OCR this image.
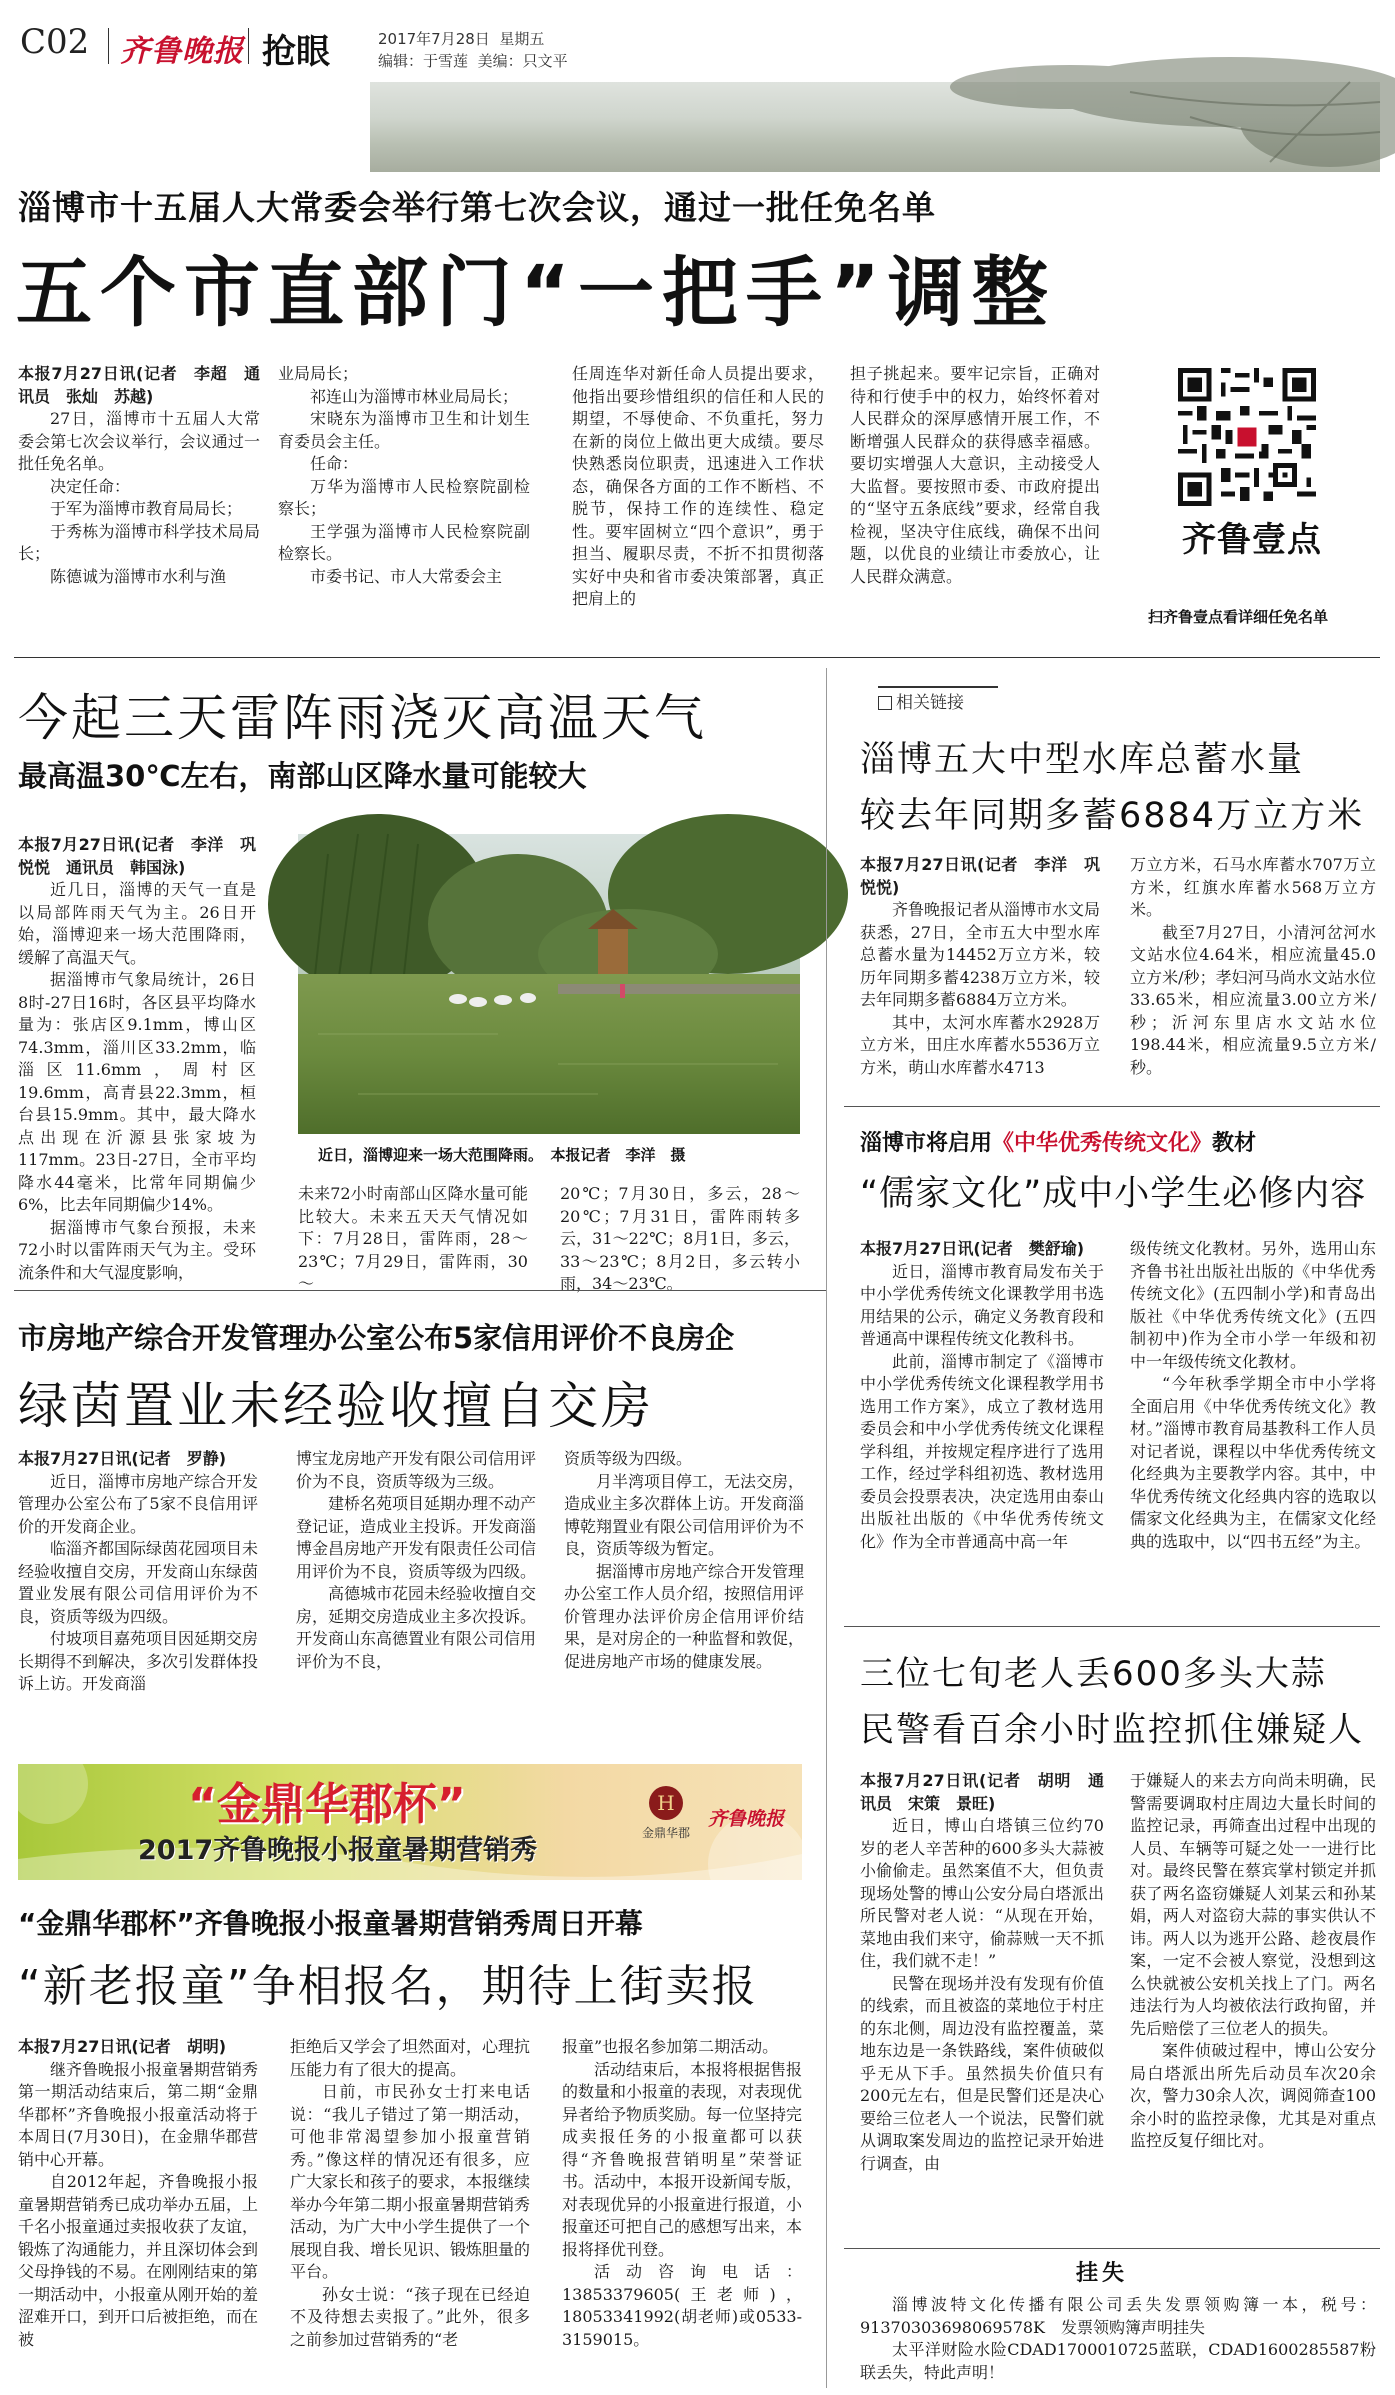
C02 齐鲁晚报 抢眼	2017年7月28日 星期五
编辑：于雪莲 美编：只文平
淄博市十五届人大常委会举行第七次会议，通过一批任免名单
五个市直部门“一把手”调整

本报7月27日讯(记者　李超　通讯员　张灿　苏越)

27日，淄博市十五届人大常委会第七次会议举行，会议通过一批任免名单。

决定任命：

于军为淄博市教育局局长；

于秀栋为淄博市科学技术局局长；

陈德诚为淄博市水利与渔

业局局长；

祁连山为淄博市林业局局长；

宋晓东为淄博市卫生和计划生育委员会主任。

任命：

万华为淄博市人民检察院副检察长；

王学强为淄博市人民检察院副检察长。

市委书记、市人大常委会主

任周连华对新任命人员提出要求，他指出要珍惜组织的信任和人民的期望，不辱使命、不负重托，努力在新的岗位上做出更大成绩。要尽快熟悉岗位职责，迅速进入工作状态，确保各方面的工作不断档、不脱节，保持工作的连续性、稳定性。要牢固树立“四个意识”，勇于担当、履职尽责，不折不扣贯彻落实好中央和省市委决策部署，真正把肩上的

担子挑起来。要牢记宗旨，正确对待和行使手中的权力，始终怀着对人民群众的深厚感情开展工作，不断增强人民群众的获得感幸福感。要切实增强人大意识，主动接受人大监督。要按照市委、市政府提出的“坚守五条底线”要求，经常自我检视，坚决守住底线，确保不出问题，以优良的业绩让市委放心，让人民群众满意。

齐鲁壹点
扫齐鲁壹点看详细任免名单
今起三天雷阵雨浇灭高温天气
最高温30℃左右，南部山区降水量可能较大

本报7月27日讯(记者　李洋　巩悦悦　通讯员　韩国泳)

近几日，淄博的天气一直是以局部阵雨天气为主。26日开始，淄博迎来一场大范围降雨，缓解了高温天气。

据淄博市气象局统计，26日8时-27日16时，各区县平均降水量为：张店区9.1mm，博山区74.3mm，淄川区33.2mm，临淄区11.6mm，周村区19.6mm，高青县22.3mm，桓台县15.9mm。其中，最大降水点出现在沂源县张家坡为117mm。23日-27日，全市平均降水44毫米，比常年同期偏少6%，比去年同期偏少14%。

据淄博市气象台预报，未来72小时以雷阵雨天气为主。受环流条件和大气湿度影响，

近日，淄博迎来一场大范围降雨。　本报记者　李洋　摄

未来72小时南部山区降水量可能比较大。未来五天天气情况如下：7月28日，雷阵雨，28～23℃；7月29日，雷阵雨，30～

20℃；7月30日，多云，28～20℃；7月31日，雷阵雨转多云，31～22℃；8月1日，多云，33～23℃；8月2日，多云转小雨，34～23℃。

市房地产综合开发管理办公室公布5家信用评价不良房企
绿茵置业未经验收擅自交房

本报7月27日讯(记者　罗静)

近日，淄博市房地产综合开发管理办公室公布了5家不良信用评价的开发商企业。

临淄齐都国际绿茵花园项目未经验收擅自交房，开发商山东绿茵置业发展有限公司信用评价为不良，资质等级为四级。

付坡项目嘉苑项目因延期交房长期得不到解决，多次引发群体投诉上访。开发商淄

博宝龙房地产开发有限公司信用评价为不良，资质等级为三级。

建桥名苑项目延期办理不动产登记证，造成业主投诉。开发商淄博金昌房地产开发有限责任公司信用评价为不良，资质等级为四级。

高德城市花园未经验收擅自交房，延期交房造成业主多次投诉。开发商山东高德置业有限公司信用评价为不良，

资质等级为四级。

月半湾项目停工，无法交房，造成业主多次群体上访。开发商淄博乾翔置业有限公司信用评价为不良，资质等级为暂定。

据淄博市房地产综合开发管理办公室工作人员介绍，按照信用评价管理办法评价房企信用评价结果，是对房企的一种监督和敦促，促进房地产市场的健康发展。

“金鼎华郡杯”
2017齐鲁晚报小报童暑期营销秀
H
金鼎华郡
齐鲁晚报
“金鼎华郡杯”齐鲁晚报小报童暑期营销秀周日开幕
“新老报童”争相报名，期待上街卖报

本报7月27日讯(记者　胡明)

继齐鲁晚报小报童暑期营销秀第一期活动结束后，第二期“金鼎华郡杯”齐鲁晚报小报童活动将于本周日(7月30日)，在金鼎华郡营销中心开幕。

自2012年起，齐鲁晚报小报童暑期营销秀已成功举办五届，上千名小报童通过卖报收获了友谊，锻炼了沟通能力，并且深切体会到父母挣钱的不易。在刚刚结束的第一期活动中，小报童从刚开始的羞涩难开口，到开口后被拒绝，而在被

拒绝后又学会了坦然面对，心理抗压能力有了很大的提高。

日前，市民孙女士打来电话说：“我儿子错过了第一期活动，可他非常渴望参加小报童营销秀。”像这样的情况还有很多，应广大家长和孩子的要求，本报继续举办今年第二期小报童暑期营销秀活动，为广大中小学生提供了一个展现自我、增长见识、锻炼胆量的平台。

孙女士说：“孩子现在已经迫不及待想去卖报了。”此外，很多之前参加过营销秀的“老

报童”也报名参加第二期活动。

活动结束后，本报将根据售报的数量和小报童的表现，对表现优异者给予物质奖励。每一位坚持完成卖报任务的小报童都可以获得“齐鲁晚报营销明星”荣誉证书。活动中，本报开设新闻专版，对表现优异的小报童进行报道，小报童还可把自己的感想写出来，本报将择优刊登。

活动咨询电话：13853379605(王老师)，18053341992(胡老师)或0533-3159015。

相关链接
淄博五大中型水库总蓄水量
较去年同期多蓄6884万立方米

本报7月27日讯(记者　李洋　巩悦悦)

齐鲁晚报记者从淄博市水文局获悉，27日，全市五大中型水库总蓄水量为14452万立方米，较历年同期多蓄4238万立方米，较去年同期多蓄6884万立方米。

其中，太河水库蓄水2928万立方米，田庄水库蓄水5536万立方米，萌山水库蓄水4713

万立方米，石马水库蓄水707万立方米，红旗水库蓄水568万立方米。

截至7月27日，小清河岔河水文站水位4.64米，相应流量45.0立方米/秒；孝妇河马尚水文站水位33.65米，相应流量3.00立方米/秒；沂河东里店水文站水位198.44米，相应流量9.5立方米/秒。

淄博市将启用《中华优秀传统文化》教材
“儒家文化”成中小学生必修内容

本报7月27日讯(记者　樊舒瑜)

近日，淄博市教育局发布关于中小学优秀传统文化课教学用书选用结果的公示，确定义务教育段和普通高中课程传统文化教科书。

此前，淄博市制定了《淄博市中小学优秀传统文化课程教学用书选用工作方案》，成立了教材选用委员会和中小学优秀传统文化课程学科组，并按规定程序进行了选用工作，经过学科组初选、教材选用委员会投票表决，决定选用由泰山出版社出版的《中华优秀传统文化》作为全市普通高中高一年

级传统文化教材。另外，选用山东齐鲁书社出版社出版的《中华优秀传统文化》(五四制小学)和青岛出版社《中华优秀传统文化》(五四制初中)作为全市小学一年级和初中一年级传统文化教材。

“今年秋季学期全市中小学将全面启用《中华优秀传统文化》教材。”淄博市教育局基教科工作人员对记者说，课程以中华优秀传统文化经典为主要教学内容。其中，中华优秀传统文化经典内容的选取以儒家文化经典为主，在儒家文化经典的选取中，以“四书五经”为主。

三位七旬老人丢600多头大蒜
民警看百余小时监控抓住嫌疑人

本报7月27日讯(记者　胡明　通讯员　宋策　景旺)

近日，博山白塔镇三位约70岁的老人辛苦种的600多头大蒜被小偷偷走。虽然案值不大，但负责现场处警的博山公安分局白塔派出所民警对老人说：“从现在开始，菜地由我们来守，偷蒜贼一天不抓住，我们就不走！”

民警在现场并没有发现有价值的线索，而且被盗的菜地位于村庄的东北侧，周边没有监控覆盖，菜地东边是一条铁路线，案件侦破似乎无从下手。虽然损失价值只有200元左右，但是民警们还是决心要给三位老人一个说法，民警们就从调取案发周边的监控记录开始进行调查，由

于嫌疑人的来去方向尚未明确，民警需要调取村庄周边大量长时间的监控记录，再筛查出过程中出现的人员、车辆等可疑之处一一进行比对。最终民警在蔡宾掌村锁定并抓获了两名盗窃嫌疑人刘某云和孙某娟，两人对盗窃大蒜的事实供认不讳。两人以为逃开公路、趁夜晨作案，一定不会被人察觉，没想到这么快就被公安机关找上了门。两名违法行为人均被依法行政拘留，并先后赔偿了三位老人的损失。

案件侦破过程中，博山公安分局白塔派出所先后动员车次20余次，警力30余人次，调阅筛查100余小时的监控录像，尤其是对重点监控反复仔细比对。

挂失

淄博波特文化传播有限公司丢失发票领购簿一本，税号：91370303698069578K　发票领购簿声明挂失

太平洋财险水险CDAD1700010725蓝联，CDAD1600285587粉联丢失，特此声明！
